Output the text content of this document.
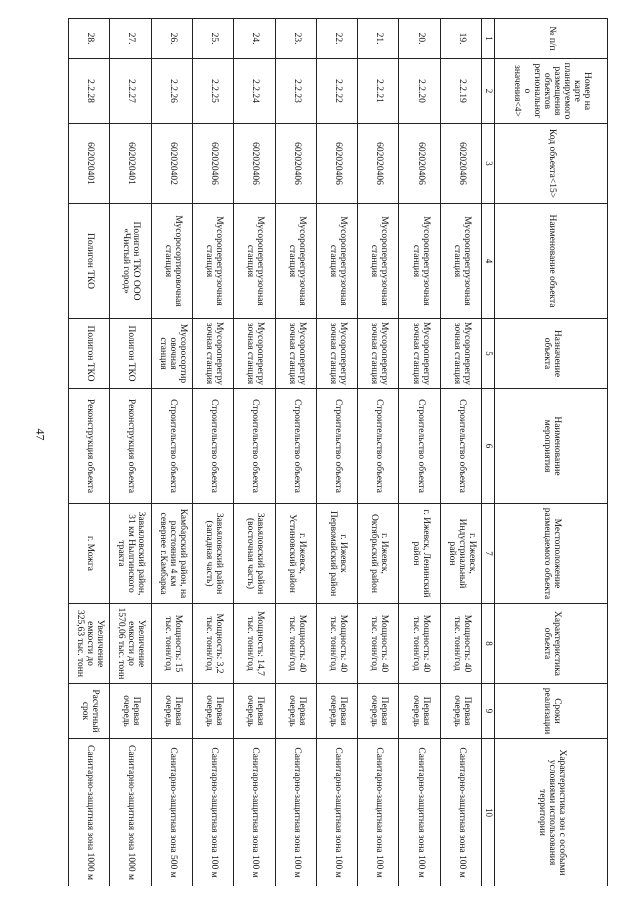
47
№ п/п	Номер на карте планируемого размещения объектов регионального значения<4>	Код объекта<15>	Наименование объекта	Назначение объекта	Наименование мероприятия	Местоположение размещаемого объекта	Характеристика объекта	Сроки реализации	Характеристика зон с особыми условиями использования территории
1	2	3	4	5	6	7	8	9	10
19.	2.2.19	602020406	Мусороперегрузочная станция	Мусороперегрузочная станция	Строительство объекта	г. Ижевск, Индустриальный район	Мощность: 40 тыс. тонн/год	Первая очередь	Санитарно-защитная зона 100 м
20.	2.2.20	602020406	Мусороперегрузочная станция	Мусороперегрузочная станция	Строительство объекта	г. Ижевск, Ленинский район	Мощность: 40 тыс. тонн/год	Первая очередь	Санитарно-защитная зона 100 м
21.	2.2.21	602020406	Мусороперегрузочная станция	Мусороперегрузочная станция	Строительство объекта	г. Ижевск, Октябрьский район	Мощность: 40 тыс. тонн/год	Первая очередь	Санитарно-защитная зона 100 м
22.	2.2.22	602020406	Мусороперегрузочная станция	Мусороперегрузочная станция	Строительство объекта	г. Ижевск Первомайский район	Мощность: 40 тыс. тонн/год	Первая очередь	Санитарно-защитная зона 100 м
23.	2.2.23	602020406	Мусороперегрузочная станция	Мусороперегрузочная станция	Строительство объекта	г. Ижевск, Устиновский район	Мощность: 40 тыс. тонн/год	Первая очередь	Санитарно-защитная зона 100 м
24.	2.2.24	602020406	Мусороперегрузочная станция	Мусороперегрузочная станция	Строительство объекта	Завьяловский район (восточная часть)	Мощность: 14,7 тыс. тонн/год	Первая очередь	Санитарно-защитная зона 100 м
25.	2.2.25	602020406	Мусороперегрузочная станция	Мусороперегрузочная станция	Строительство объекта	Завьяловский район (западная часть)	Мощность: 3,2 тыс. тонн/год	Первая очередь	Санитарно-защитная зона 100 м
26.	2.2.26	602020402	Мусоросортировочная станция	Мусоросортировочная станция	Строительство объекта	Камбарский район, на расстоянии 4 км севернее г.Камбарка	Мощность: 15 тыс. тонн/год	Первая очередь	Санитарно-защитная зона 500 м
27.	2.2.27	602020401	Полигон ТКО ООО «Чистый город»	Полигон ТКО	Реконструкция объекта	Завьяловский район, 31 км Нылгинского тракта	Увеличение емкости до 1570,06 тыс. тонн	Первая очередь	Санитарно-защитная зона 1000 м
28.	2.2.28	602020401	Полигон ТКО	Полигон ТКО	Реконструкция объекта	г. Можга	Увеличение емкости до 325,63 тыс. тонн	Расчетный срок	Санитарно-защитная зона 1000 м
